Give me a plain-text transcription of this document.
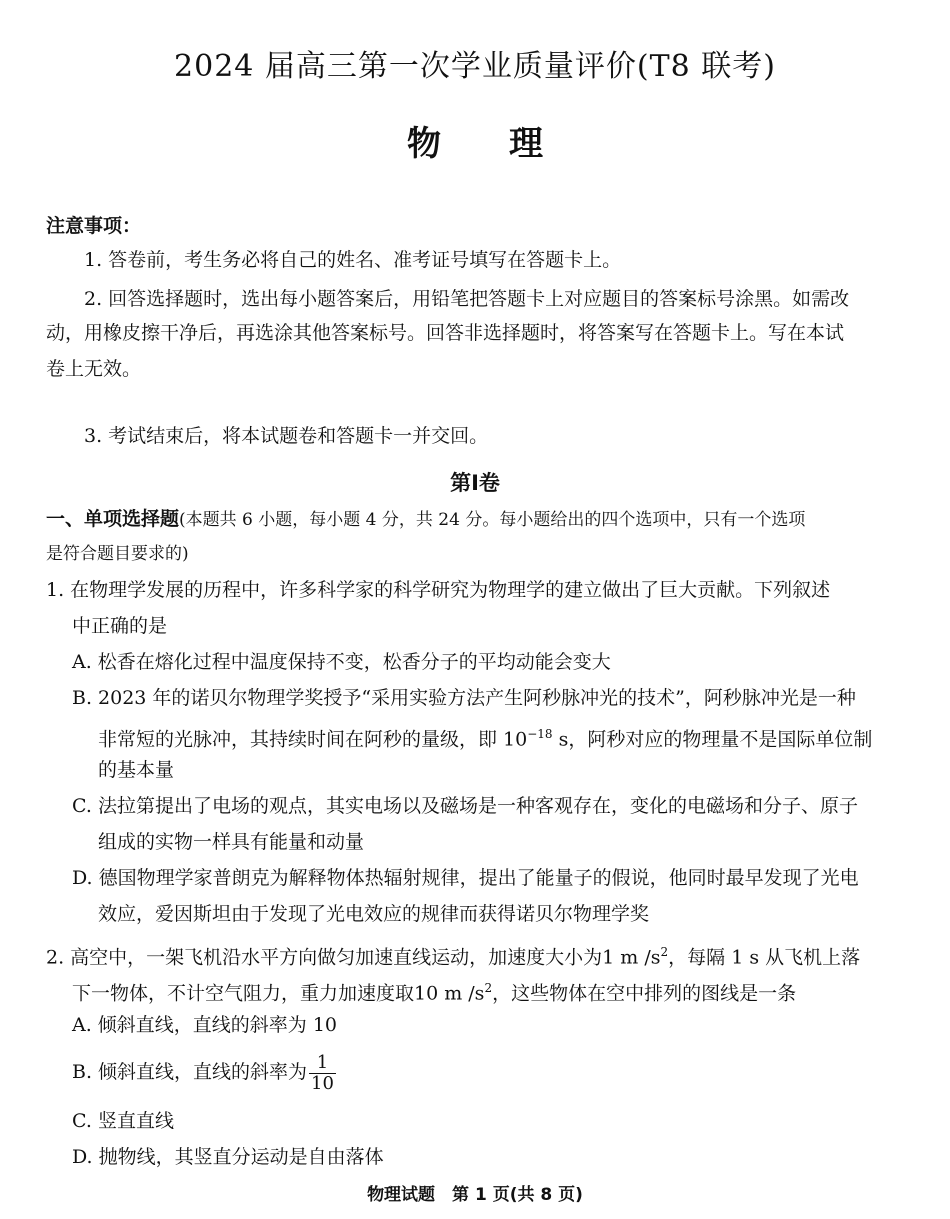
2024 届高三第一次学业质量评价(T8 联考)
物　　理
注意事项：
1. 答卷前，考生务必将自己的姓名、准考证号填写在答题卡上。
2. 回答选择题时，选出每小题答案后，用铅笔把答题卡上对应题目的答案标号涂黑。如需改
动，用橡皮擦干净后，再选涂其他答案标号。回答非选择题时，将答案写在答题卡上。写在本试
卷上无效。
3. 考试结束后，将本试题卷和答题卡一并交回。
第Ⅰ卷
一、单项选择题(本题共 6 小题，每小题 4 分，共 24 分。每小题给出的四个选项中，只有一个选项
是符合题目要求的)
1. 在物理学发展的历程中，许多科学家的科学研究为物理学的建立做出了巨大贡献。下列叙述
中正确的是
A. 松香在熔化过程中温度保持不变，松香分子的平均动能会变大
B. 2023 年的诺贝尔物理学奖授予“采用实验方法产生阿秒脉冲光的技术”，阿秒脉冲光是一种
非常短的光脉冲，其持续时间在阿秒的量级，即 $10^{-18}$ s，阿秒对应的物理量不是国际单位制
的基本量
C. 法拉第提出了电场的观点，其实电场以及磁场是一种客观存在，变化的电磁场和分子、原子
组成的实物一样具有能量和动量
D. 德国物理学家普朗克为解释物体热辐射规律，提出了能量子的假说，他同时最早发现了光电
效应，爱因斯坦由于发现了光电效应的规律而获得诺贝尔物理学奖
2. 高空中，一架飞机沿水平方向做匀加速直线运动，加速度大小为1 m $/s^2$，每隔 1 s 从飞机上落
下一物体，不计空气阻力，重力加速度取10 m $/s^2$，这些物体在空中排列的图线是一条
A. 倾斜直线，直线的斜率为 10
B. 倾斜直线，直线的斜率为 $\frac{1}{10}$
C. 竖直直线
D. 抛物线，其竖直分运动是自由落体
物理试题　第 1 页(共 8 页)
